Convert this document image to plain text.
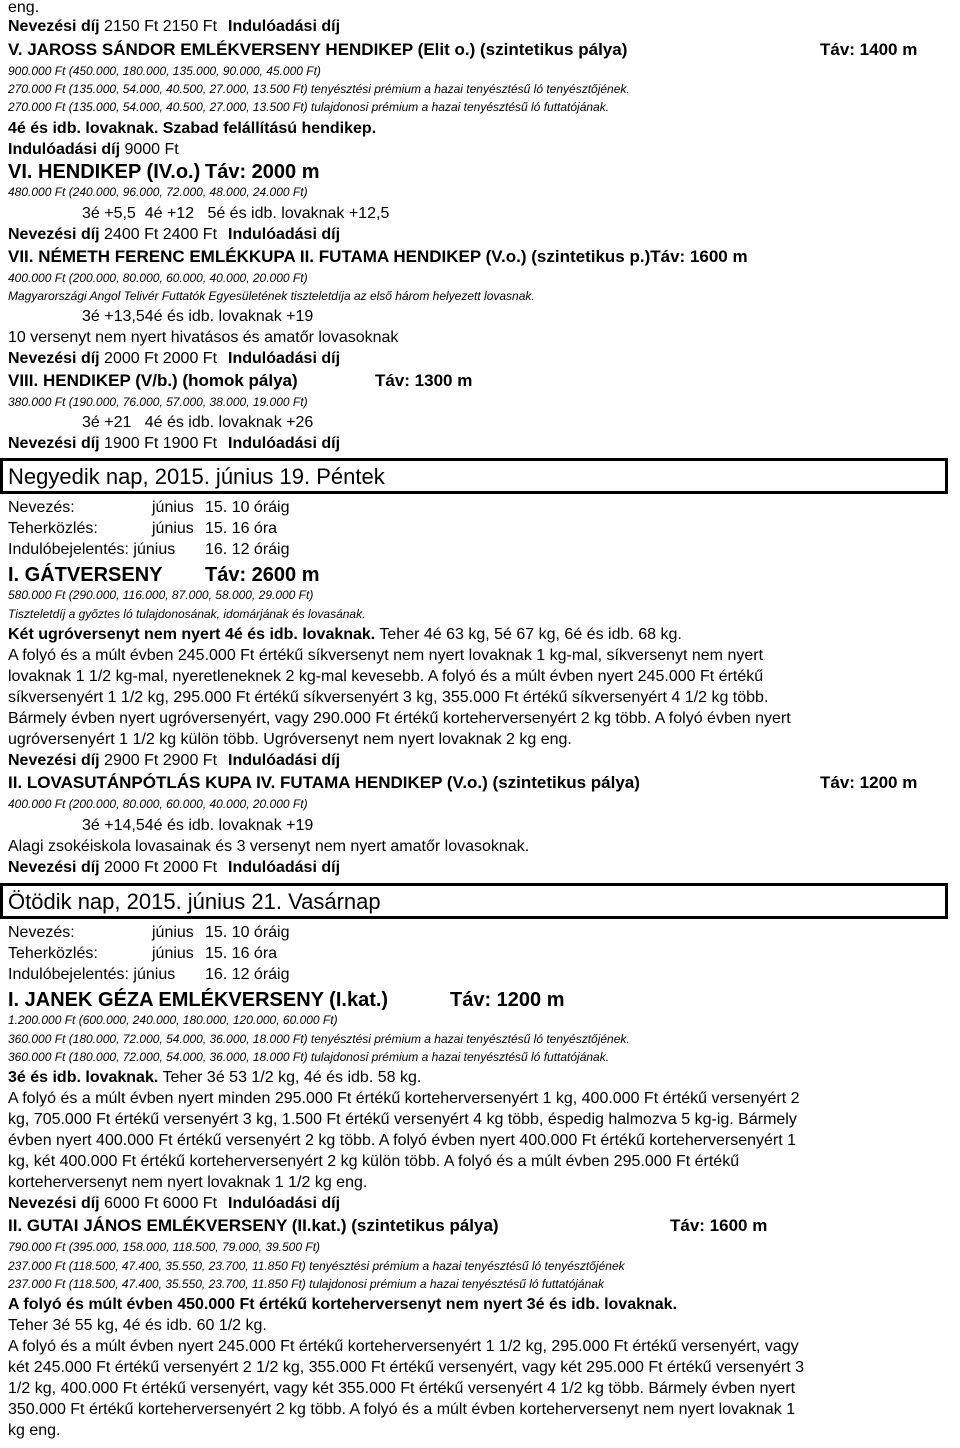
Negyedik nap, 2015. június 19. Péntek
Ötödik nap, 2015. június 21. Vasárnap
eng.
Nevezési díj 2150 Ft	Indulóadási díj
2150 Ft
V. JAROSS SÁNDOR EMLÉKVERSENY HENDIKEP (Elit o.) (szintetikus pálya)	Táv: 1400 m
900.000 Ft (450.000, 180.000, 135.000, 90.000, 45.000 Ft)
270.000 Ft (135.000, 54.000, 40.500, 27.000, 13.500 Ft) tenyésztési prémium a hazai tenyésztésű ló tenyésztőjének.
270.000 Ft (135.000, 54.000, 40.500, 27.000, 13.500 Ft) tulajdonosi prémium a hazai tenyésztésű ló futtatójának.
4é és idb. lovaknak. Szabad felállítású hendikep.
Indulóadási díj 9000 Ft
VI. HENDIKEP (IV.o.) Táv: 2000 m
480.000 Ft (240.000, 96.000, 72.000, 48.000, 24.000 Ft)
3é +5,5  4é +12   5é és idb. lovaknak +12,5
Nevezési díj 2400 Ft	Indulóadási díj
2400 Ft
VII. NÉMETH FERENC EMLÉKKUPA II. FUTAMA HENDIKEP (V.o.) (szintetikus p.)Táv: 1600 m
400.000 Ft (200.000, 80.000, 60.000, 40.000, 20.000 Ft)
Magyarországi Angol Telivér Futtatók Egyesületének tiszteletdíja az első három helyezett lovasnak.
3é +13,54é és idb. lovaknak +19
10 versenyt nem nyert hivatásos és amatőr lovasoknak
Nevezési díj 2000 Ft	Indulóadási díj
2000 Ft
VIII. HENDIKEP (V/b.) (homok pálya)	Táv: 1300 m
380.000 Ft (190.000, 76.000, 57.000, 38.000, 19.000 Ft)
3é +21   4é és idb. lovaknak +26
Nevezési díj 1900 Ft	Indulóadási díj
1900 Ft
Nevezés:	június 15. 10 óráig
Teherközlés:	június 15. 16 óra
Indulóbejelentés: június 16. 12 óráig
I. GÁTVERSENY Táv: 2600 m
580.000 Ft (290.000, 116.000, 87.000, 58.000, 29.000 Ft)
Tiszteletdíj a győztes ló tulajdonosának, idomárjának és lovasának.
Két ugróversenyt nem nyert 4é és idb. lovaknak. Teher 4é 63 kg, 5é 67 kg, 6é és idb. 68 kg.
A folyó és a múlt évben 245.000 Ft értékű síkversenyt nem nyert lovaknak 1 kg-mal, síkversenyt nem nyert
lovaknak 1 1/2 kg-mal, nyeretleneknek 2 kg-mal kevesebb. A folyó és a múlt évben nyert 245.000 Ft értékű
síkversenyért 1 1/2 kg, 295.000 Ft értékű síkversenyért 3 kg, 355.000 Ft értékű síkversenyért 4 1/2 kg több.
Bármely évben nyert ugróversenyért, vagy 290.000 Ft értékű korteherversenyért 2 kg több. A folyó évben nyert
ugróversenyért 1 1/2 kg külön több. Ugróversenyt nem nyert lovaknak 2 kg eng.
Nevezési díj 2900 Ft	Indulóadási díj
2900 Ft
II. LOVASUTÁNPÓTLÁS KUPA IV. FUTAMA HENDIKEP (V.o.) (szintetikus pálya)	Táv: 1200 m
400.000 Ft (200.000, 80.000, 60.000, 40.000, 20.000 Ft)
3é +14,54é és idb. lovaknak +19
Alagi zsokéiskola lovasainak és 3 versenyt nem nyert amatőr lovasoknak.
Nevezési díj 2000 Ft	Indulóadási díj
2000 Ft
Nevezés:	június 15. 10 óráig
Teherközlés:	június 15. 16 óra
Indulóbejelentés: június 16. 12 óráig
I. JANEK GÉZA EMLÉKVERSENY (I.kat.)	Táv: 1200 m
1.200.000 Ft (600.000, 240.000, 180.000, 120.000, 60.000 Ft)
360.000 Ft (180.000, 72.000, 54.000, 36.000, 18.000 Ft) tenyésztési prémium a hazai tenyésztésű ló tenyésztőjének.
360.000 Ft (180.000, 72.000, 54.000, 36.000, 18.000 Ft) tulajdonosi prémium a hazai tenyésztésű ló futtatójának.
3é és idb. lovaknak. Teher 3é 53 1/2 kg, 4é és idb. 58 kg.
A folyó és a múlt évben nyert minden 295.000 Ft értékű korteherversenyért 1 kg, 400.000 Ft értékű versenyért 2
kg, 705.000 Ft értékű versenyért 3 kg, 1.500 Ft értékű versenyért 4 kg több, éspedig halmozva 5 kg-ig. Bármely
évben nyert 400.000 Ft értékű versenyért 2 kg több. A folyó évben nyert 400.000 Ft értékű korteherversenyért 1
kg, két 400.000 Ft értékű korteherversenyért 2 kg külön több. A folyó és a múlt évben 295.000 Ft értékű
korteherversenyt nem nyert lovaknak 1 1/2 kg eng.
Nevezési díj 6000 Ft	Indulóadási díj
6000 Ft
II. GUTAI JÁNOS EMLÉKVERSENY (II.kat.) (szintetikus pálya)	Táv: 1600 m
790.000 Ft (395.000, 158.000, 118.500, 79.000, 39.500 Ft)
237.000 Ft (118.500, 47.400, 35.550, 23.700, 11.850 Ft) tenyésztési prémium a hazai tenyésztésű ló tenyésztőjének
237.000 Ft (118.500, 47.400, 35.550, 23.700, 11.850 Ft) tulajdonosi prémium a hazai tenyésztésű ló futtatójának
A folyó és múlt évben 450.000 Ft értékű korteherversenyt nem nyert 3é és idb. lovaknak.
Teher 3é 55 kg, 4é és idb. 60 1/2 kg.
A folyó és a múlt évben nyert 245.000 Ft értékű korteherversenyért 1 1/2 kg, 295.000 Ft értékű versenyért, vagy
két 245.000 Ft értékű versenyért 2 1/2 kg, 355.000 Ft értékű versenyért, vagy két 295.000 Ft értékű versenyért 3
1/2 kg, 400.000 Ft értékű versenyért, vagy két 355.000 Ft értékű versenyért 4 1/2 kg több. Bármely évben nyert
350.000 Ft értékű korteherversenyért 2 kg több. A folyó és a múlt évben korteherversenyt nem nyert lovaknak 1
kg eng.
